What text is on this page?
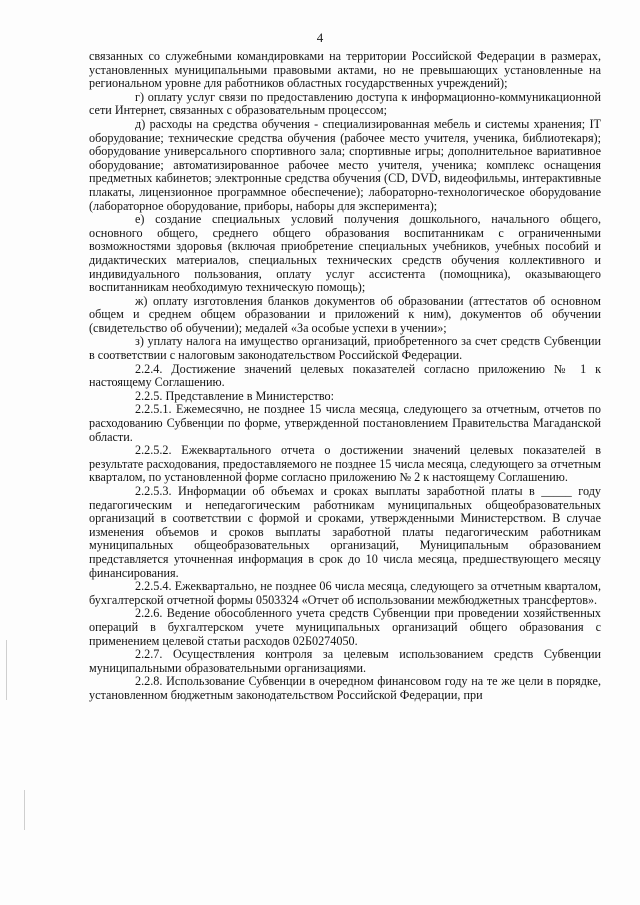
4

связанных со служебными командировками на территории Российской Федерации в размерах, установленных муниципальными правовыми актами, но не превышающих установленные на региональном уровне для работников областных государственных учреждений);

г) оплату услуг связи по предоставлению доступа к информационно-коммуникационной сети Интернет, связанных с образовательным процессом;

д) расходы на средства обучения - специализированная мебель и системы хранения; IT оборудование; технические средства обучения (рабочее место учителя, ученика, библиотекаря); оборудование универсального спортивного зала; спортивные игры; дополнительное вариативное оборудование; автоматизированное рабочее место учителя, ученика; комплекс оснащения предметных кабинетов; электронные средства обучения (CD, DVD, видеофильмы, интерактивные плакаты, лицензионное программное обеспечение); лабораторно-технологическое оборудование (лабораторное оборудование, приборы, наборы для эксперимента);

е) создание специальных условий получения дошкольного, начального общего, основного общего, среднего общего образования воспитанникам с ограниченными возможностями здоровья (включая приобретение специальных учебников, учебных пособий и дидактических материалов, специальных технических средств обучения коллективного и индивидуального пользования, оплату услуг ассистента (помощника), оказывающего воспитанникам необходимую техническую помощь);

ж) оплату изготовления бланков документов об образовании (аттестатов об основном общем и среднем общем образовании и приложений к ним), документов об обучении (свидетельство об обучении); медалей «За особые успехи в учении»;

з) уплату налога на имущество организаций, приобретенного за счет средств Субвенции в соответствии с налоговым законодательством Российской Федерации.

2.2.4. Достижение значений целевых показателей согласно приложению № 1 к настоящему Соглашению.

2.2.5. Представление в Министерство:

2.2.5.1. Ежемесячно, не позднее 15 числа месяца, следующего за отчетным, отчетов по расходованию Субвенции по форме, утвержденной постановлением Правительства Магаданской области.

2.2.5.2. Ежеквартального отчета о достижении значений целевых показателей в результате расходования, предоставляемого не позднее 15 числа месяца, следующего за отчетным кварталом, по установленной форме согласно приложению № 2 к настоящему Соглашению.

2.2.5.3. Информации об объемах и сроках выплаты заработной платы в _____ году педагогическим и непедагогическим работникам муниципальных общеобразовательных организаций в соответствии с формой и сроками, утвержденными Министерством. В случае изменения объемов и сроков выплаты заработной платы педагогическим работникам муниципальных общеобразовательных организаций, Муниципальным образованием представляется уточненная информация в срок до 10 числа месяца, предшествующего месяцу финансирования.

2.2.5.4. Ежеквартально, не позднее 06 числа месяца, следующего за отчетным кварталом, бухгалтерской отчетной формы 0503324 «Отчет об использовании межбюджетных трансфертов».

2.2.6. Ведение обособленного учета средств Субвенции при проведении хозяйственных операций в бухгалтерском учете муниципальных организаций общего образования с применением целевой статьи расходов 02Б0274050.

2.2.7. Осуществления контроля за целевым использованием средств Субвенции муниципальными образовательными организациями.

2.2.8. Использование Субвенции в очередном финансовом году на те же цели в порядке, установленном бюджетным законодательством Российской Федерации, при
